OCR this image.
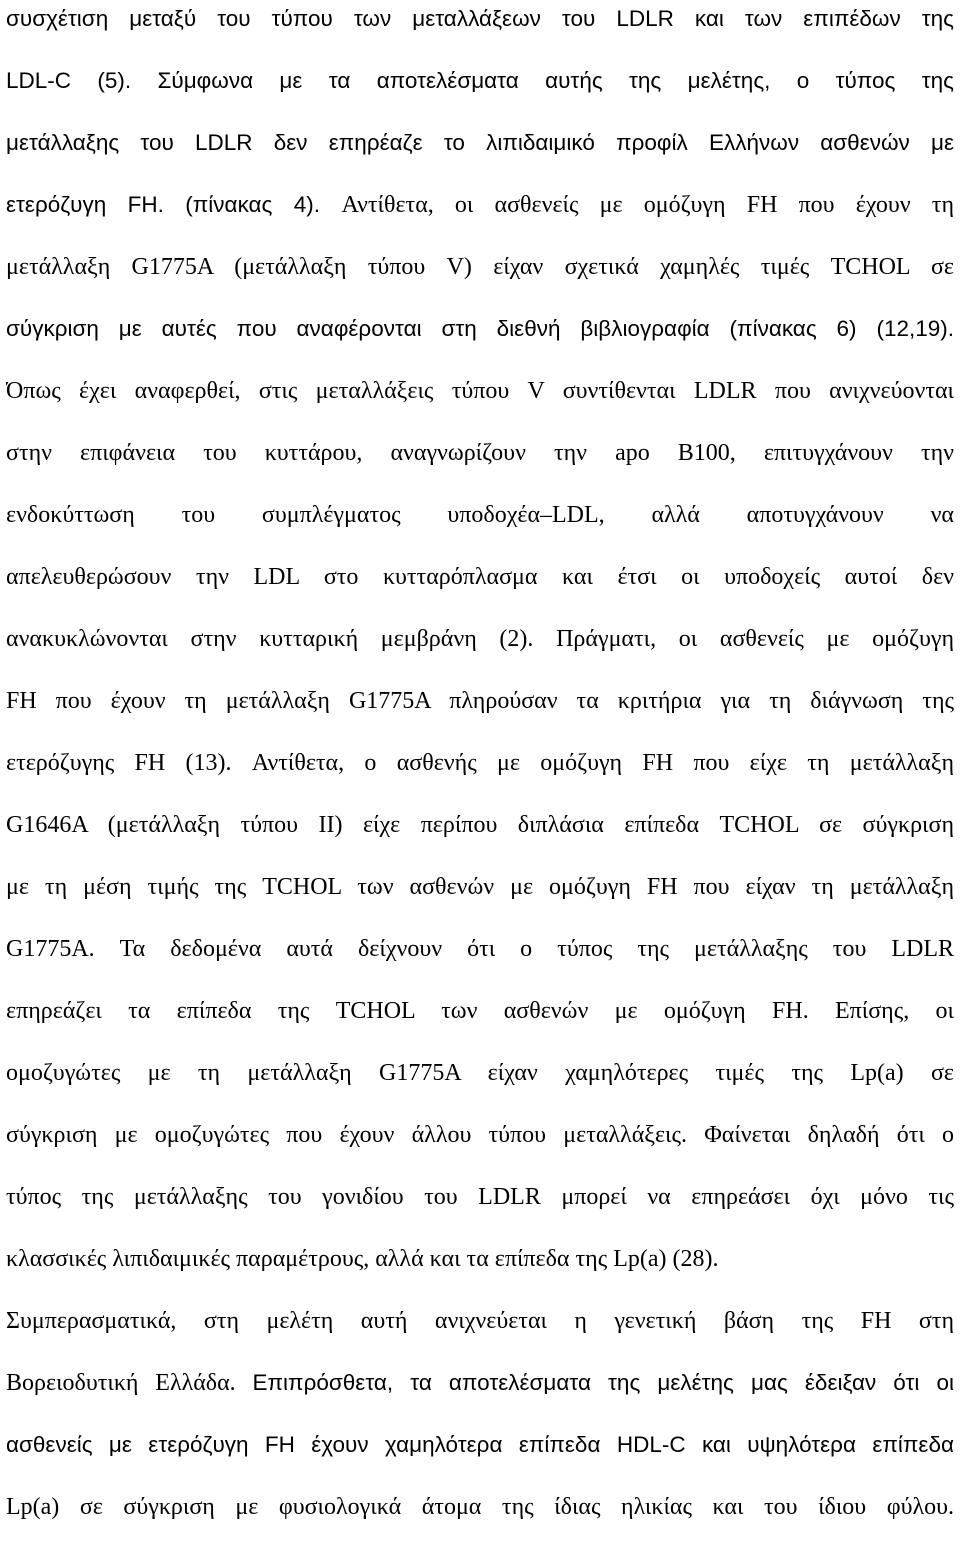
συσχέτιση μεταξύ του τύπου των μεταλλάξεων του LDLR και των επιπέδων της
LDL-C (5). Σύμφωνα με τα αποτελέσματα αυτής της μελέτης, ο τύπος της
μετάλλαξης του LDLR δεν επηρέαζε το λιπιδαιμικό προφίλ Ελλήνων ασθενών με
ετερόζυγη FH. (πίνακας 4). Αντίθετα, οι ασθενείς με ομόζυγη FH που έχουν τη
μετάλλαξη G1775A (μετάλλαξη τύπου V) είχαν σχετικά χαμηλές τιμές TCHOL σε
σύγκριση με αυτές που αναφέρονται στη διεθνή βιβλιογραφία (πίνακας 6) (12,19).
Όπως έχει αναφερθεί, στις μεταλλάξεις τύπου V συντίθενται LDLR που ανιχνεύονται
στην επιφάνεια του κυττάρου, αναγνωρίζουν την apo B100, επιτυγχάνουν την
ενδοκύττωση του συμπλέγματος υποδοχέα–LDL, αλλά αποτυγχάνουν να
απελευθερώσουν την LDL στο κυτταρόπλασμα και έτσι οι υποδοχείς αυτοί δεν
ανακυκλώνονται στην κυτταρική μεμβράνη (2). Πράγματι, οι ασθενείς με ομόζυγη
FH που έχουν τη μετάλλαξη G1775A πληρούσαν τα κριτήρια για τη διάγνωση της
ετερόζυγης FH (13). Αντίθετα, ο ασθενής με ομόζυγη FH που είχε τη μετάλλαξη
G1646A (μετάλλαξη τύπου II) είχε περίπου διπλάσια επίπεδα TCHOL σε σύγκριση
με τη μέση τιμής της TCHOL των ασθενών με ομόζυγη FH που είχαν τη μετάλλαξη
G1775A. Τα δεδομένα αυτά δείχνουν ότι ο τύπος της μετάλλαξης του LDLR
επηρεάζει τα επίπεδα της TCHOL των ασθενών με ομόζυγη FH. Επίσης, οι
ομοζυγώτες με τη μετάλλαξη G1775A είχαν χαμηλότερες τιμές της Lp(a) σε
σύγκριση με ομοζυγώτες που έχουν άλλου τύπου μεταλλάξεις. Φαίνεται δηλαδή ότι ο
τύπος της μετάλλαξης του γονιδίου του LDLR μπορεί να επηρεάσει όχι μόνο τις
κλασσικές λιπιδαιμικές παραμέτρους, αλλά και τα επίπεδα της Lp(a) (28).
Συμπερασματικά, στη μελέτη αυτή ανιχνεύεται η γενετική βάση της FH στη
Βορειοδυτική Ελλάδα. Επιπρόσθετα, τα αποτελέσματα της μελέτης μας έδειξαν ότι οι
ασθενείς με ετερόζυγη FH έχουν χαμηλότερα επίπεδα HDL-C και υψηλότερα επίπεδα
Lp(a) σε σύγκριση με φυσιολογικά άτομα της ίδιας ηλικίας και του ίδιου φύλου.
